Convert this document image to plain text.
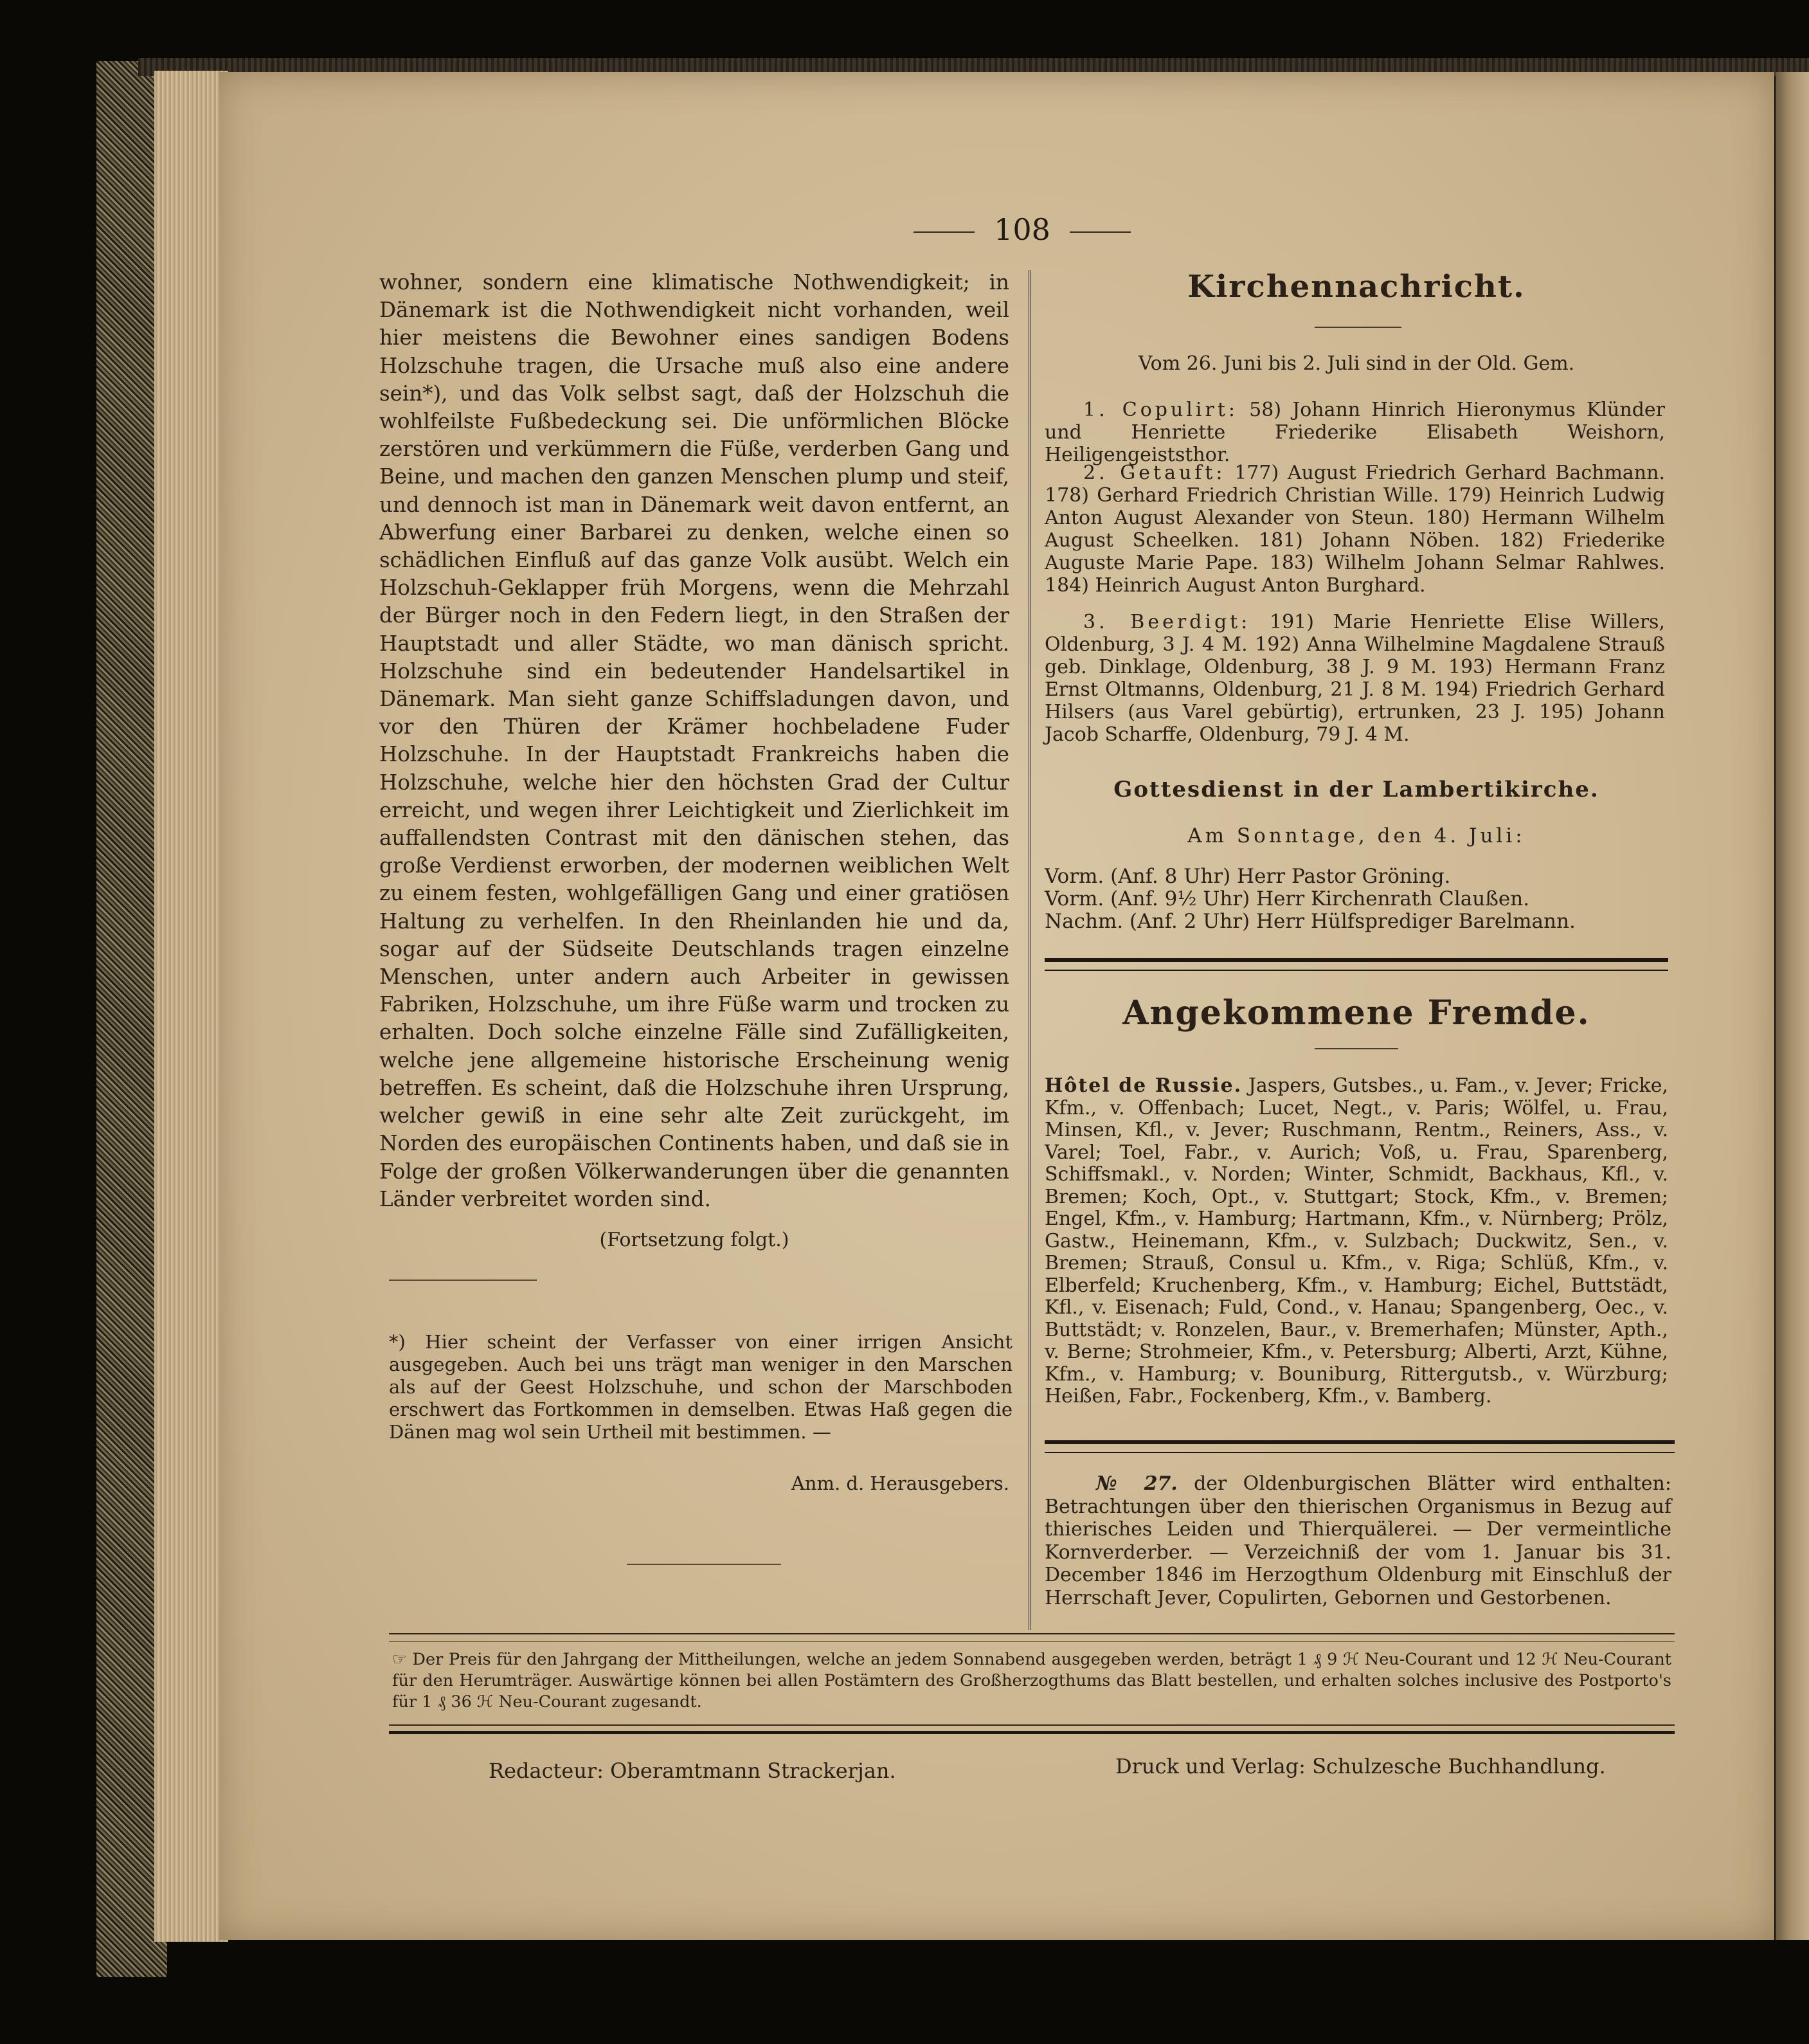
108

wohner, sondern eine klimatische Nothwendigkeit; in Dänemark ist die Nothwendigkeit nicht vorhanden, weil hier meistens die Bewohner eines sandigen Bodens Holzschuhe tragen, die Ursache muß also eine andere sein*), und das Volk selbst sagt, daß der Holzschuh die wohlfeilste Fußbedeckung sei. Die unförmlichen Blöcke zerstören und verkümmern die Füße, verderben Gang und Beine, und machen den ganzen Menschen plump und steif, und dennoch ist man in Dänemark weit davon entfernt, an Abwerfung einer Barbarei zu denken, welche einen so schädlichen Einfluß auf das ganze Volk ausübt. Welch ein Holzschuh-Geklapper früh Morgens, wenn die Mehrzahl der Bürger noch in den Federn liegt, in den Straßen der Hauptstadt und aller Städte, wo man dänisch spricht. Holzschuhe sind ein bedeutender Handelsartikel in Dänemark. Man sieht ganze Schiffsladungen davon, und vor den Thüren der Krämer hochbeladene Fuder Holzschuhe. In der Hauptstadt Frankreichs haben die Holzschuhe, welche hier den höchsten Grad der Cultur erreicht, und wegen ihrer Leichtigkeit und Zierlichkeit im auffallendsten Contrast mit den dänischen stehen, das große Verdienst erworben, der modernen weiblichen Welt zu einem festen, wohlgefälligen Gang und einer gratiösen Haltung zu verhelfen. In den Rheinlanden hie und da, sogar auf der Südseite Deutschlands tragen einzelne Menschen, unter andern auch Arbeiter in gewissen Fabriken, Holzschuhe, um ihre Füße warm und trocken zu erhalten. Doch solche einzelne Fälle sind Zufälligkeiten, welche jene allgemeine historische Erscheinung wenig betreffen. Es scheint, daß die Holzschuhe ihren Ursprung, welcher gewiß in eine sehr alte Zeit zurückgeht, im Norden des europäischen Continents haben, und daß sie in Folge der großen Völkerwanderungen über die genannten Länder verbreitet worden sind.

(Fortsetzung folgt.)

*) Hier scheint der Verfasser von einer irrigen Ansicht ausgegeben. Auch bei uns trägt man weniger in den Marschen als auf der Geest Holzschuhe, und schon der Marschboden erschwert das Fortkommen in demselben. Etwas Haß gegen die Dänen mag wol sein Urtheil mit bestimmen. —

Anm. d. Herausgebers.

Kirchennachricht.

Vom 26. Juni bis 2. Juli sind in der Old. Gem.

1. Copulirt: 58) Johann Hinrich Hieronymus Klünder und Henriette Friederike Elisabeth Weishorn, Heiligengeiststhor.

2. Getauft: 177) August Friedrich Gerhard Bachmann. 178) Gerhard Friedrich Christian Wille. 179) Heinrich Ludwig Anton August Alexander von Steun. 180) Hermann Wilhelm August Scheelken. 181) Johann Nöben. 182) Friederike Auguste Marie Pape. 183) Wilhelm Johann Selmar Rahlwes. 184) Heinrich August Anton Burghard.

3. Beerdigt: 191) Marie Henriette Elise Willers, Oldenburg, 3 J. 4 M. 192) Anna Wilhelmine Magdalene Strauß geb. Dinklage, Oldenburg, 38 J. 9 M. 193) Hermann Franz Ernst Oltmanns, Oldenburg, 21 J. 8 M. 194) Friedrich Gerhard Hilsers (aus Varel gebürtig), ertrunken, 23 J. 195) Johann Jacob Scharffe, Oldenburg, 79 J. 4 M.

Gottesdienst in der Lambertikirche.
Am Sonntage, den 4. Juli:

Vorm. (Anf. 8 Uhr) Herr Pastor Gröning.

Vorm. (Anf. 9½ Uhr) Herr Kirchenrath Claußen.

Nachm. (Anf. 2 Uhr) Herr Hülfsprediger Barelmann.

Angekommene Fremde.

Hôtel de Russie. Jaspers, Gutsbes., u. Fam., v. Jever; Fricke, Kfm., v. Offenbach; Lucet, Negt., v. Paris; Wölfel, u. Frau, Minsen, Kfl., v. Jever; Ruschmann, Rentm., Reiners, Ass., v. Varel; Toel, Fabr., v. Aurich; Voß, u. Frau, Sparenberg, Schiffsmakl., v. Norden; Winter, Schmidt, Backhaus, Kfl., v. Bremen; Koch, Opt., v. Stuttgart; Stock, Kfm., v. Bremen; Engel, Kfm., v. Hamburg; Hartmann, Kfm., v. Nürnberg; Prölz, Gastw., Heinemann, Kfm., v. Sulzbach; Duckwitz, Sen., v. Bremen; Strauß, Consul u. Kfm., v. Riga; Schlüß, Kfm., v. Elberfeld; Kruchenberg, Kfm., v. Hamburg; Eichel, Buttstädt, Kfl., v. Eisenach; Fuld, Cond., v. Hanau; Spangenberg, Oec., v. Buttstädt; v. Ronzelen, Baur., v. Bremerhafen; Münster, Apth., v. Berne; Strohmeier, Kfm., v. Petersburg; Alberti, Arzt, Kühne, Kfm., v. Hamburg; v. Bouniburg, Rittergutsb., v. Würzburg; Heißen, Fabr., Fockenberg, Kfm., v. Bamberg.

№ 27. der Oldenburgischen Blätter wird enthalten: Betrachtungen über den thierischen Organismus in Bezug auf thierisches Leiden und Thierquälerei. — Der vermeintliche Kornverderber. — Verzeichniß der vom 1. Januar bis 31. December 1846 im Herzogthum Oldenburg mit Einschluß der Herrschaft Jever, Copulirten, Gebornen und Gestorbenen.

☞ Der Preis für den Jahrgang der Mittheilungen, welche an jedem Sonnabend ausgegeben werden, beträgt 1 ₰ 9 ℋ Neu-Courant und 12 ℋ Neu-Courant für den Herumträger. Auswärtige können bei allen Postämtern des Großherzogthums das Blatt bestellen, und erhalten solches inclusive des Postporto's für 1 ₰ 36 ℋ Neu-Courant zugesandt.

Redacteur: Oberamtmann Strackerjan.	Druck und Verlag: Schulzesche Buchhandlung.
